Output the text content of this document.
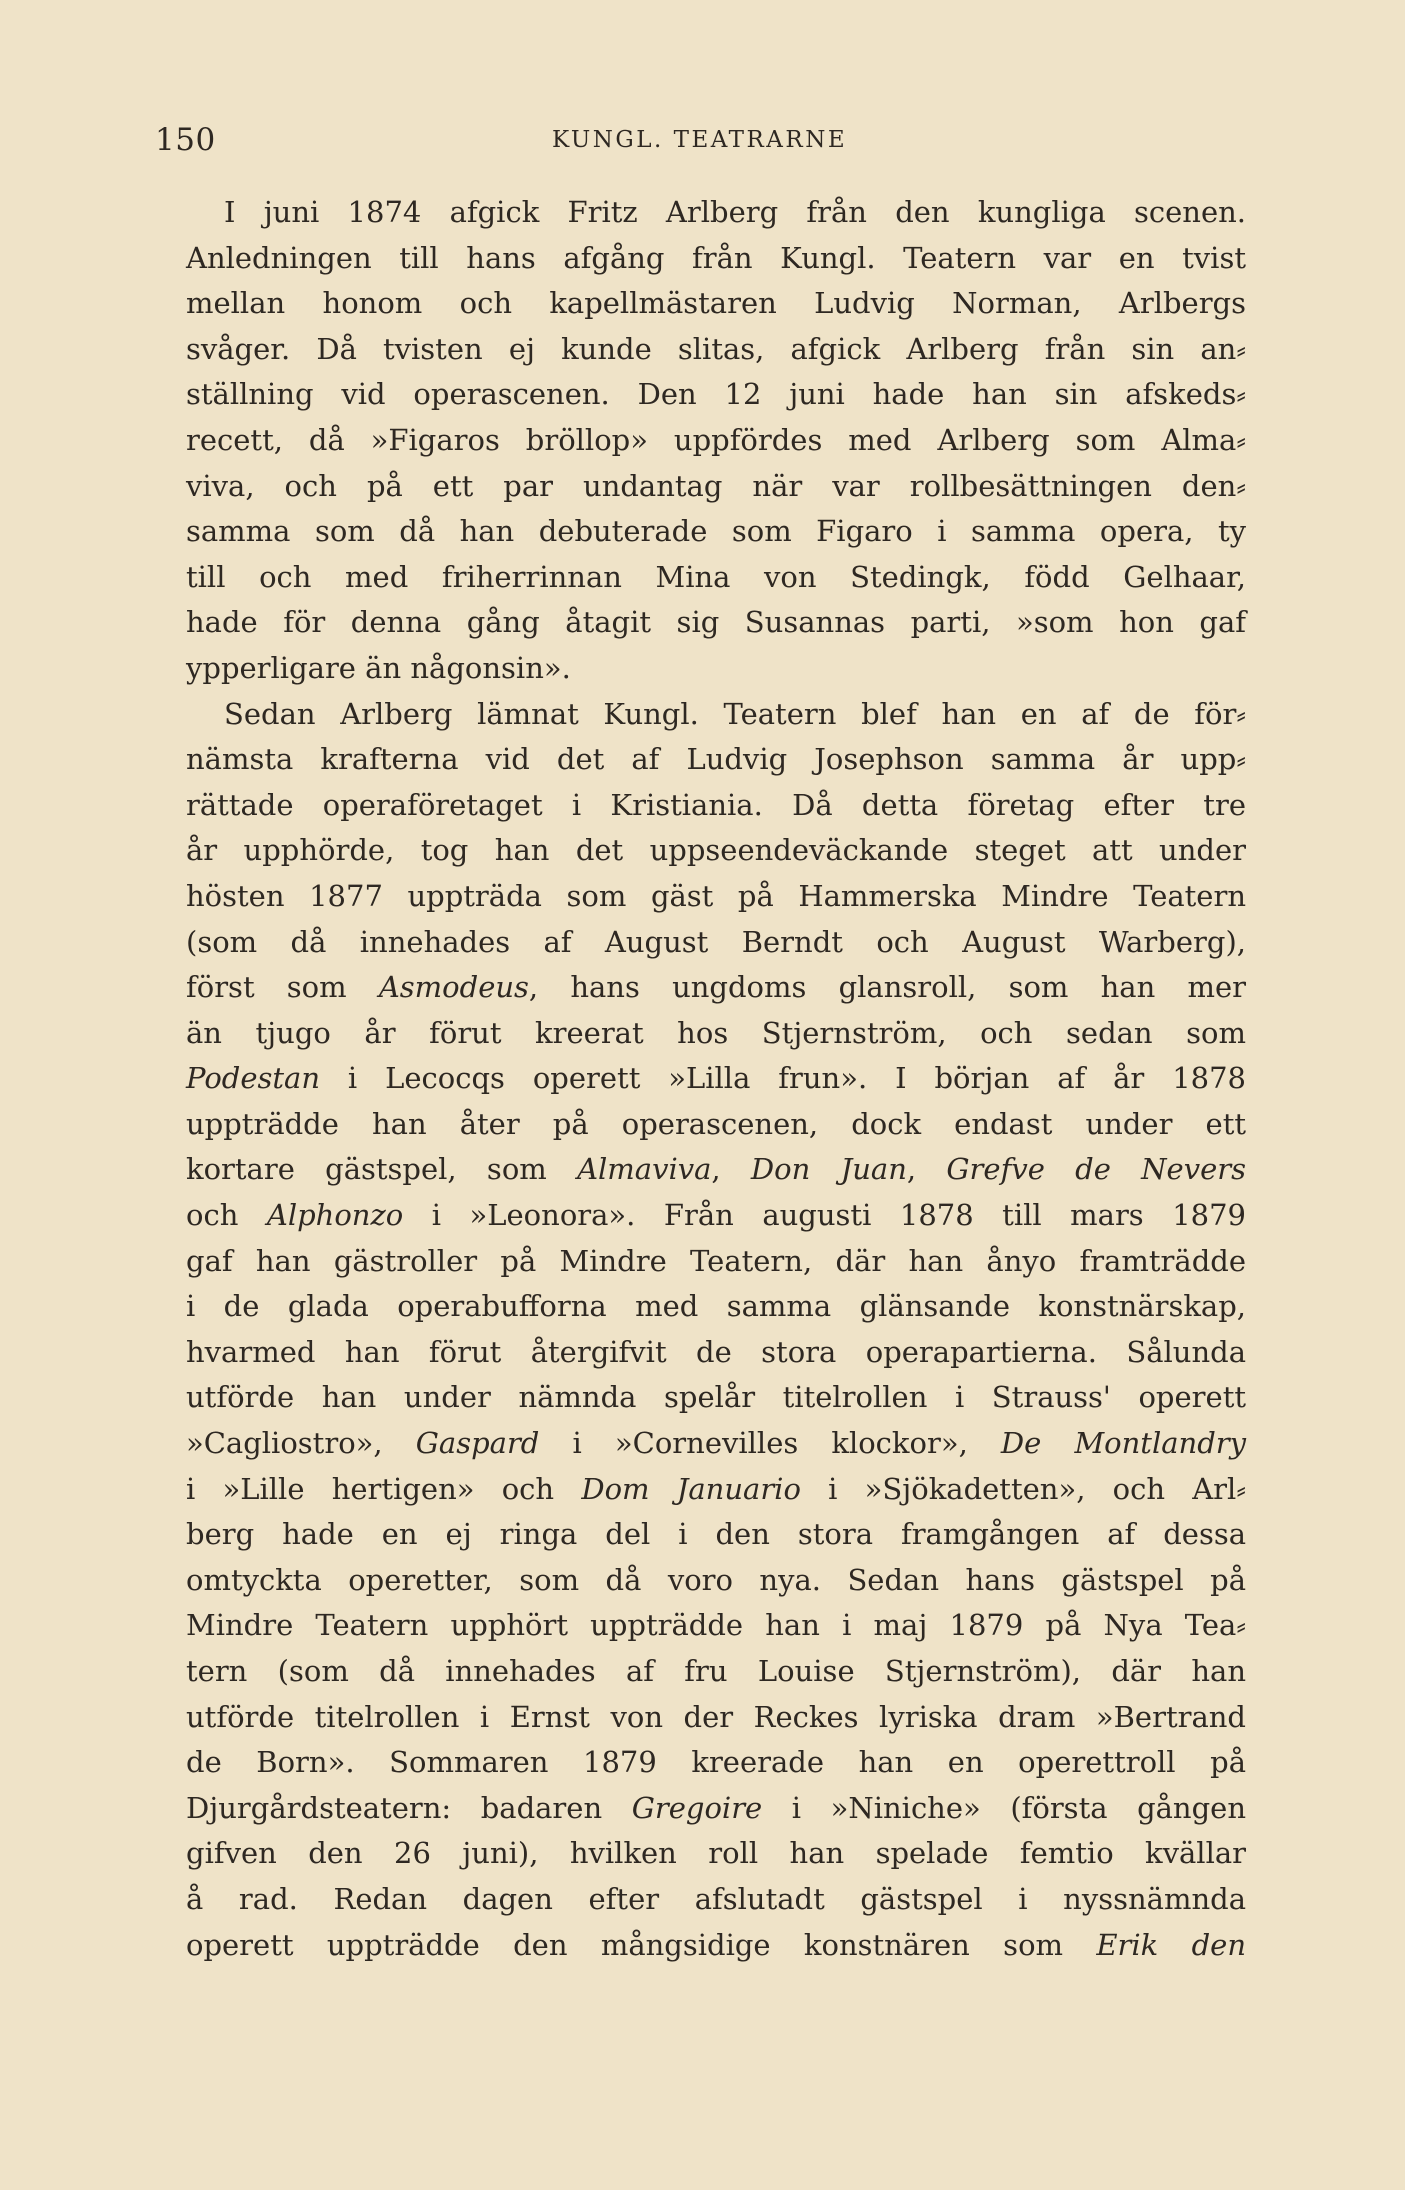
150	KUNGL. TEATRARNE
I juni 1874 afgick Fritz Arlberg från den kungliga scenen.
Anledningen till hans afgång från Kungl. Teatern var en tvist
mellan honom och kapellmästaren Ludvig Norman, Arlbergs
svåger. Då tvisten ej kunde slitas, afgick Arlberg från sin an⸗
ställning vid operascenen. Den 12 juni hade han sin afskeds⸗
recett, då »Figaros bröllop» uppfördes med Arlberg som Alma⸗
viva, och på ett par undantag när var rollbesättningen den⸗
samma som då han debuterade som Figaro i samma opera, ty
till och med friherrinnan Mina von Stedingk, född Gelhaar,
hade för denna gång åtagit sig Susannas parti, »som hon gaf
ypperligare än någonsin».
Sedan Arlberg lämnat Kungl. Teatern blef han en af de för⸗
nämsta krafterna vid det af Ludvig Josephson samma år upp⸗
rättade operaföretaget i Kristiania. Då detta företag efter tre
år upphörde, tog han det uppseendeväckande steget att under
hösten 1877 uppträda som gäst på Hammerska Mindre Teatern
(som då innehades af August Berndt och August Warberg),
först som Asmodeus, hans ungdoms glansroll, som han mer
än tjugo år förut kreerat hos Stjernström, och sedan som
Podestan i Lecocqs operett »Lilla frun». I början af år 1878
uppträdde han åter på operascenen, dock endast under ett
kortare gästspel, som Almaviva, Don Juan, Grefve de Nevers
och Alphonzo i »Leonora». Från augusti 1878 till mars 1879
gaf han gästroller på Mindre Teatern, där han ånyo framträdde
i de glada operabufforna med samma glänsande konstnärskap,
hvarmed han förut återgifvit de stora operapartierna. Sålunda
utförde han under nämnda spelår titelrollen i Strauss' operett
»Cagliostro», Gaspard i »Cornevilles klockor», De Montlandry
i »Lille hertigen» och Dom Januario i »Sjökadetten», och Arl⸗
berg hade en ej ringa del i den stora framgången af dessa
omtyckta operetter, som då voro nya. Sedan hans gästspel på
Mindre Teatern upphört uppträdde han i maj 1879 på Nya Tea⸗
tern (som då innehades af fru Louise Stjernström), där han
utförde titelrollen i Ernst von der Reckes lyriska dram »Bertrand
de Born». Sommaren 1879 kreerade han en operettroll på
Djurgårdsteatern: badaren Gregoire i »Niniche» (första gången
gifven den 26 juni), hvilken roll han spelade femtio kvällar
å rad. Redan dagen efter afslutadt gästspel i nyssnämnda
operett uppträdde den mångsidige konstnären som Erik den
